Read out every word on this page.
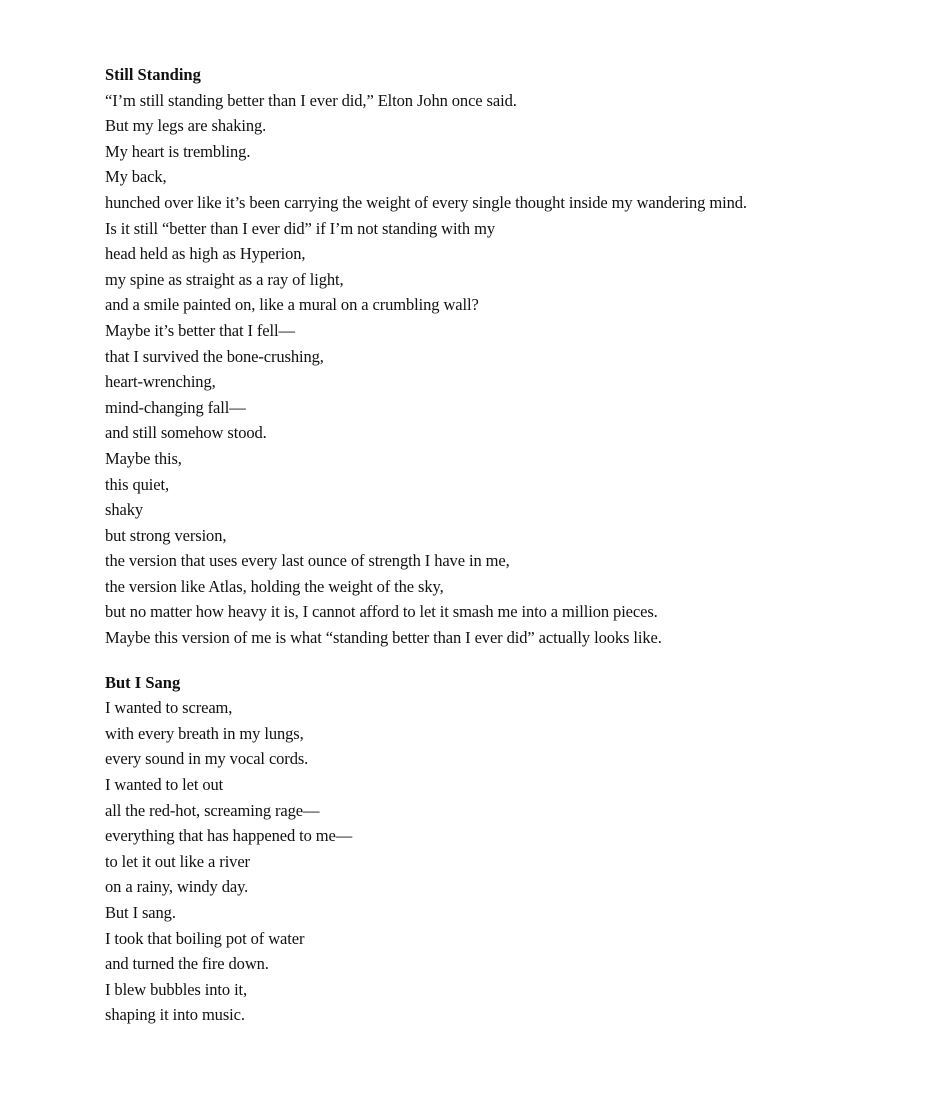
Still Standing
“I’m still standing better than I ever did,” Elton John once said.
But my legs are shaking.
My heart is trembling.
My back,
hunched over like it’s been carrying the weight of every single thought inside my wandering mind.
Is it still “better than I ever did” if I’m not standing with my
head held as high as Hyperion,
my spine as straight as a ray of light,
and a smile painted on, like a mural on a crumbling wall?
Maybe it’s better that I fell—
that I survived the bone-crushing,
heart-wrenching,
mind-changing fall—
and still somehow stood.
Maybe this,
this quiet,
shaky
but strong version,
the version that uses every last ounce of strength I have in me,
the version like Atlas, holding the weight of the sky,
but no matter how heavy it is, I cannot afford to let it smash me into a million pieces.
Maybe this version of me is what “standing better than I ever did” actually looks like.
But I Sang
I wanted to scream,
with every breath in my lungs,
every sound in my vocal cords.
I wanted to let out
all the red-hot, screaming rage—
everything that has happened to me—
to let it out like a river
on a rainy, windy day.
But I sang.
I took that boiling pot of water
and turned the fire down.
I blew bubbles into it,
shaping it into music.
